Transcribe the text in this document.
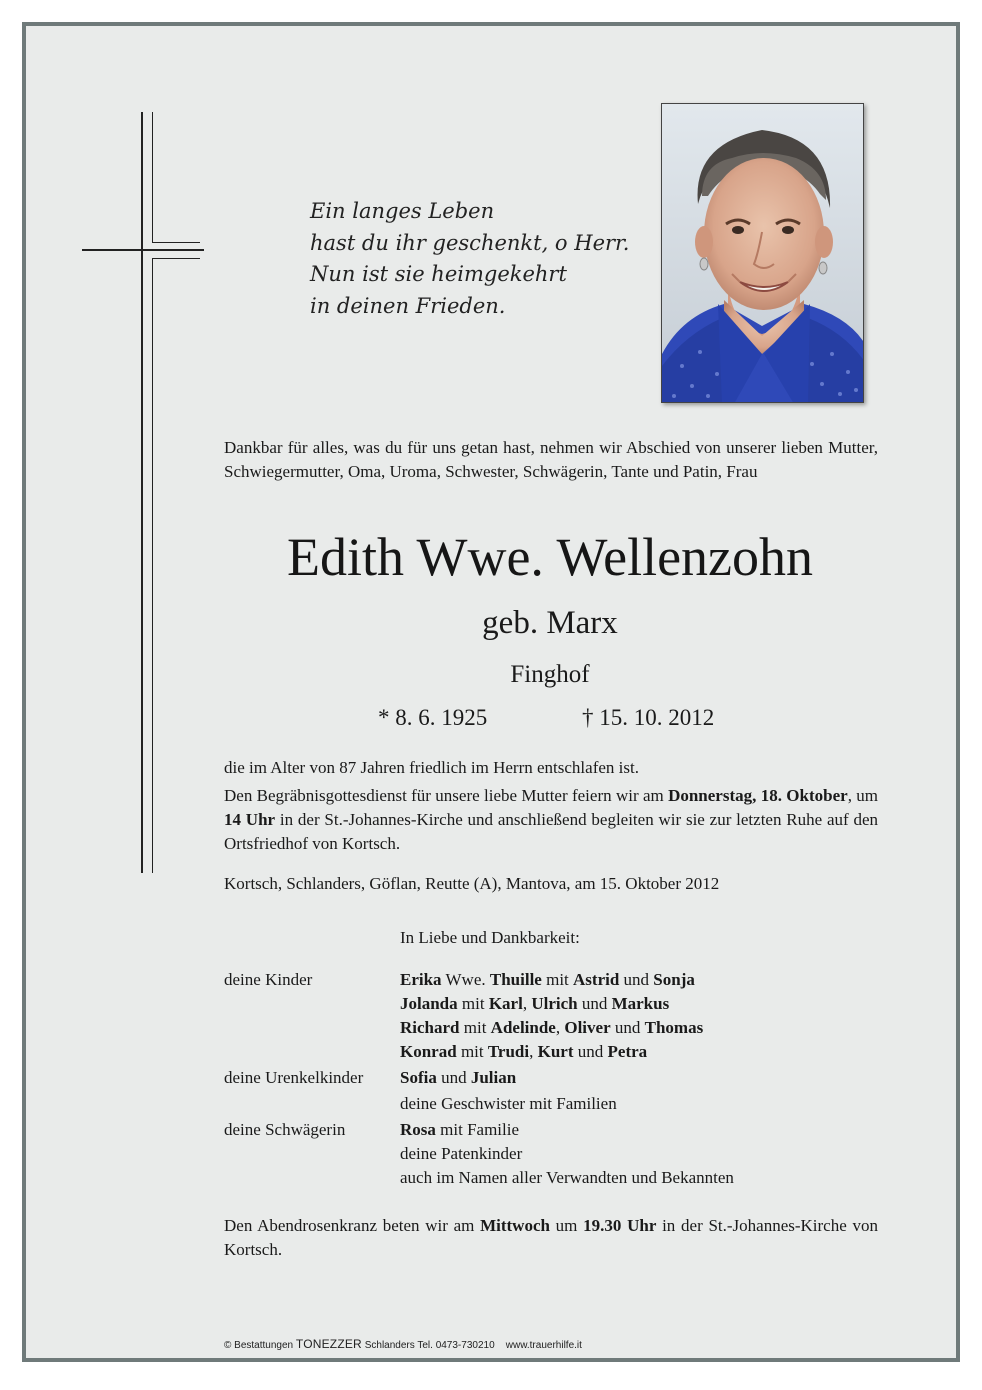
Ein langes Leben
hast du ihr geschenkt, o Herr.
Nun ist sie heimgekehrt
in deinen Frieden.
Dankbar für alles, was du für uns getan hast, nehmen wir Abschied von unserer lieben Mutter, Schwiegermutter, Oma, Uroma, Schwester, Schwägerin, Tante und Patin, Frau
Edith Wwe. Wellenzohn
geb. Marx
Finghof
* 8. 6. 1925	† 15. 10. 2012
die im Alter von 87 Jahren friedlich im Herrn entschlafen ist.
Den Begräbnisgottesdienst für unsere liebe Mutter feiern wir am Donnerstag, 18. Oktober, um 14 Uhr in der St.-Johannes-Kirche und anschließend begleiten wir sie zur letzten Ruhe auf den Ortsfriedhof von Kortsch.
Kortsch, Schlanders, Göflan, Reutte (A), Mantova, am 15. Oktober 2012
In Liebe und Dankbarkeit:
deine Kinder	Erika Wwe. Thuille mit Astrid und Sonja
Jolanda mit Karl, Ulrich und Markus
Richard mit Adelinde, Oliver und Thomas
Konrad mit Trudi, Kurt und Petra
deine Urenkelkinder Sofia und Julian
deine Geschwister mit Familien
deine Schwägerin	Rosa mit Familie
deine Patenkinder
auch im Namen aller Verwandten und Bekannten
Den Abendrosenkranz beten wir am Mittwoch um 19.30 Uhr in der St.-Johannes-Kirche von Kortsch.
© Bestattungen TONEZZER Schlanders Tel. 0473-730210 www.trauerhilfe.it
